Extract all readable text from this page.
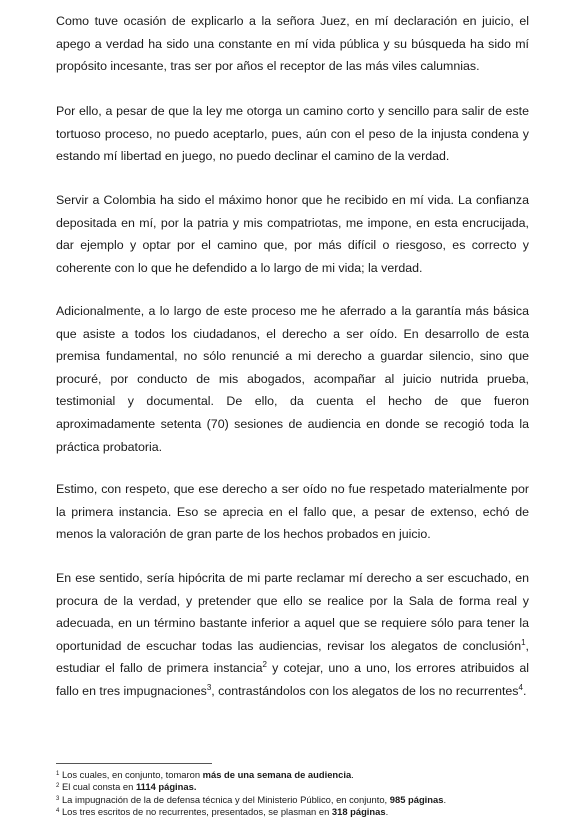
Como tuve ocasión de explicarlo a la señora Juez, en mí declaración en juicio, el apego a verdad ha sido una constante en mí vida pública y su búsqueda ha sido mí propósito incesante, tras ser por años el receptor de las más viles calumnias.

Por ello, a pesar de que la ley me otorga un camino corto y sencillo para salir de este tortuoso proceso, no puedo aceptarlo, pues, aún con el peso de la injusta condena y estando mí libertad en juego, no puedo declinar el camino de la verdad.

Servir a Colombia ha sido el máximo honor que he recibido en mí vida. La confianza depositada en mí, por la patria y mis compatriotas, me impone, en esta encrucijada, dar ejemplo y optar por el camino que, por más difícil o riesgoso, es correcto y coherente con lo que he defendido a lo largo de mi vida; la verdad.

Adicionalmente, a lo largo de este proceso me he aferrado a la garantía más básica que asiste a todos los ciudadanos, el derecho a ser oído. En desarrollo de esta premisa fundamental, no sólo renuncié a mi derecho a guardar silencio, sino que procuré, por conducto de mis abogados, acompañar al juicio nutrida prueba, testimonial y documental. De ello, da cuenta el hecho de que fueron aproximadamente setenta (70) sesiones de audiencia en donde se recogió toda la práctica probatoria.

Estimo, con respeto, que ese derecho a ser oído no fue respetado materialmente por la primera instancia. Eso se aprecia en el fallo que, a pesar de extenso, echó de menos la valoración de gran parte de los hechos probados en juicio.

En ese sentido, sería hipócrita de mi parte reclamar mí derecho a ser escuchado, en procura de la verdad, y pretender que ello se realice por la Sala de forma real y adecuada, en un término bastante inferior a aquel que se requiere sólo para tener la oportunidad de escuchar todas las audiencias, revisar los alegatos de conclusión$^1$, estudiar el fallo de primera instancia$^2$ y cotejar, uno a uno, los errores atribuidos al fallo en tres impugnaciones$^3$, contrastándolos con los alegatos de los no recurrentes$^4$.

$^1$ Los cuales, en conjunto, tomaron más de una semana de audiencia.
$^2$ El cual consta en 1114 páginas.
$^3$ La impugnación de la de defensa técnica y del Ministerio Público, en conjunto, 985 páginas.
$^4$ Los tres escritos de no recurrentes, presentados, se plasman en 318 páginas.
